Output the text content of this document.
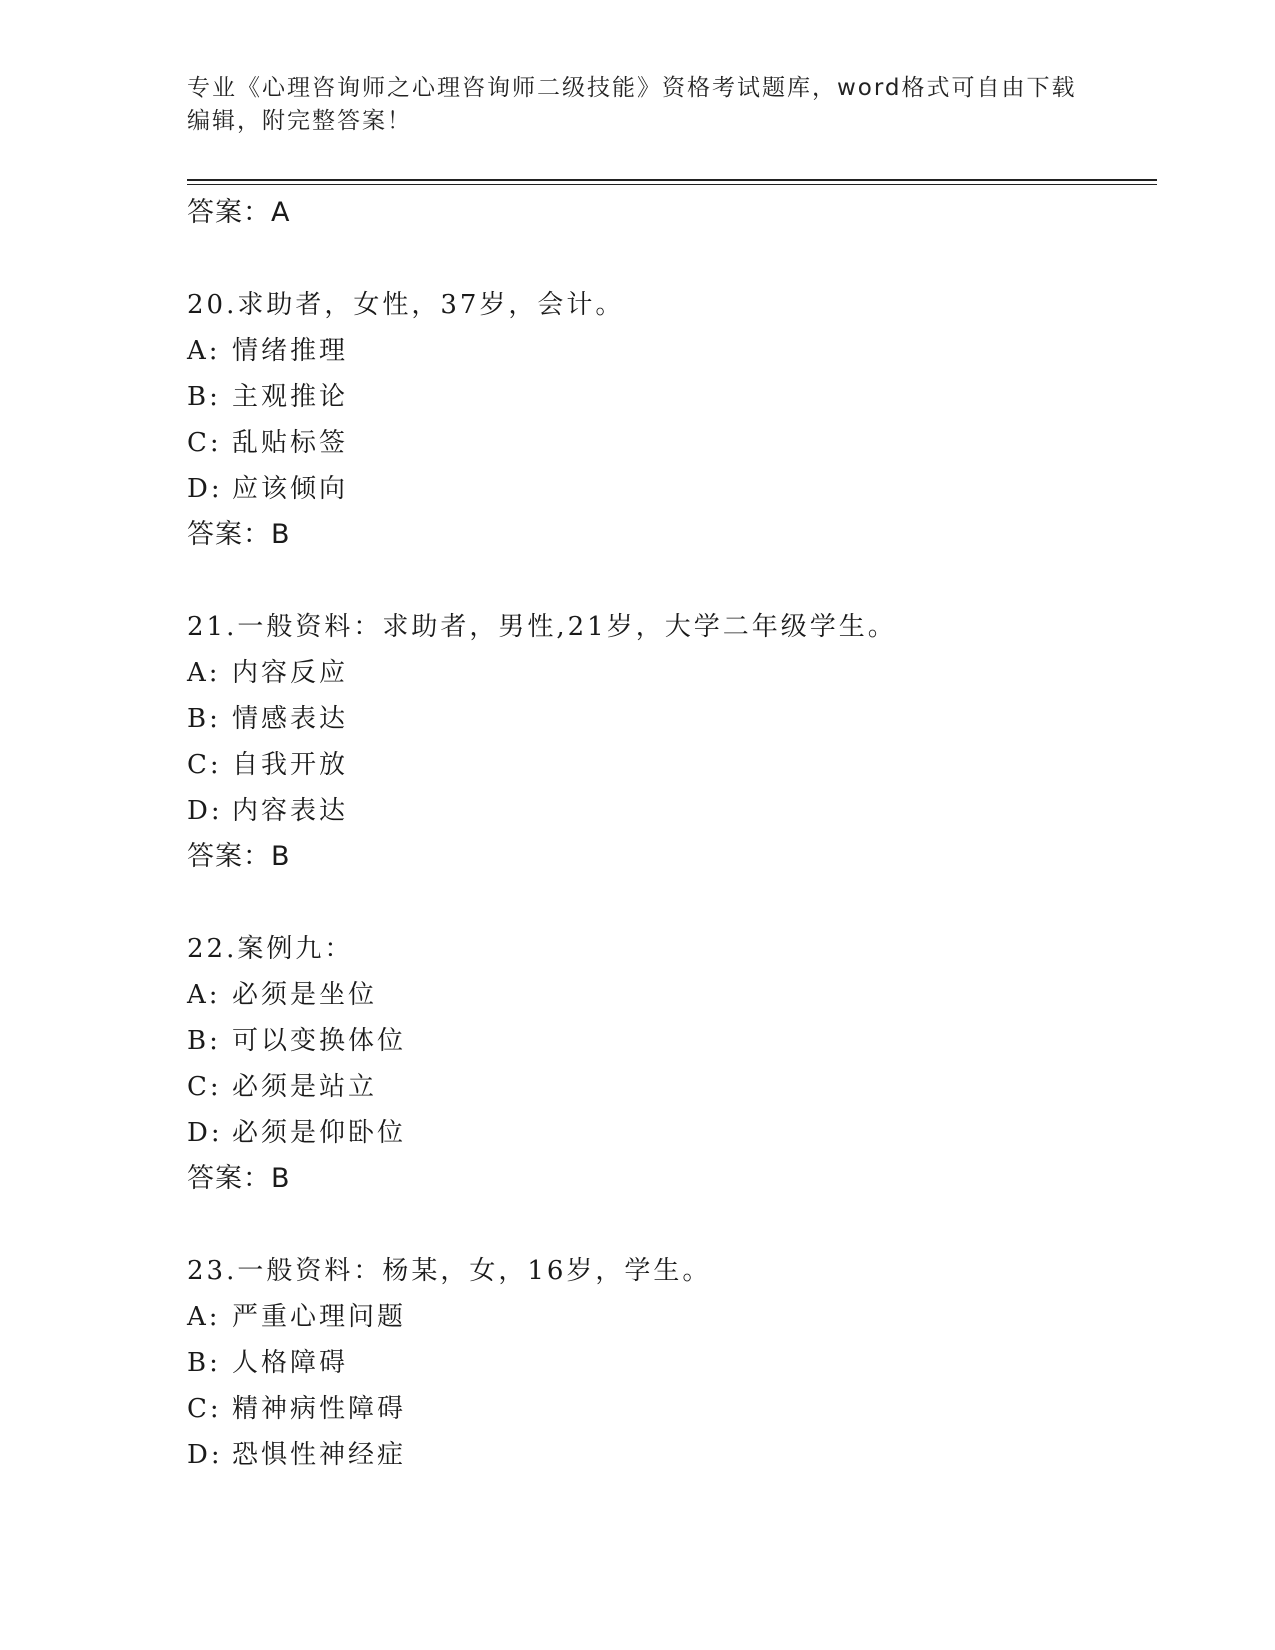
专业《心理咨询师之心理咨询师二级技能》资格考试题库，word格式可自由下载
编辑，附完整答案！
答案：A
20.求助者，女性，37岁，会计。
A: 情绪推理
B: 主观推论
C: 乱贴标签
D: 应该倾向
答案：B
21.一般资料：求助者，男性,21岁，大学二年级学生。
A: 内容反应
B: 情感表达
C: 自我开放
D: 内容表达
答案：B
22.案例九：
A: 必须是坐位
B: 可以变换体位
C: 必须是站立
D: 必须是仰卧位
答案：B
23.一般资料：杨某，女，16岁，学生。
A: 严重心理问题
B: 人格障碍
C: 精神病性障碍
D: 恐惧性神经症
